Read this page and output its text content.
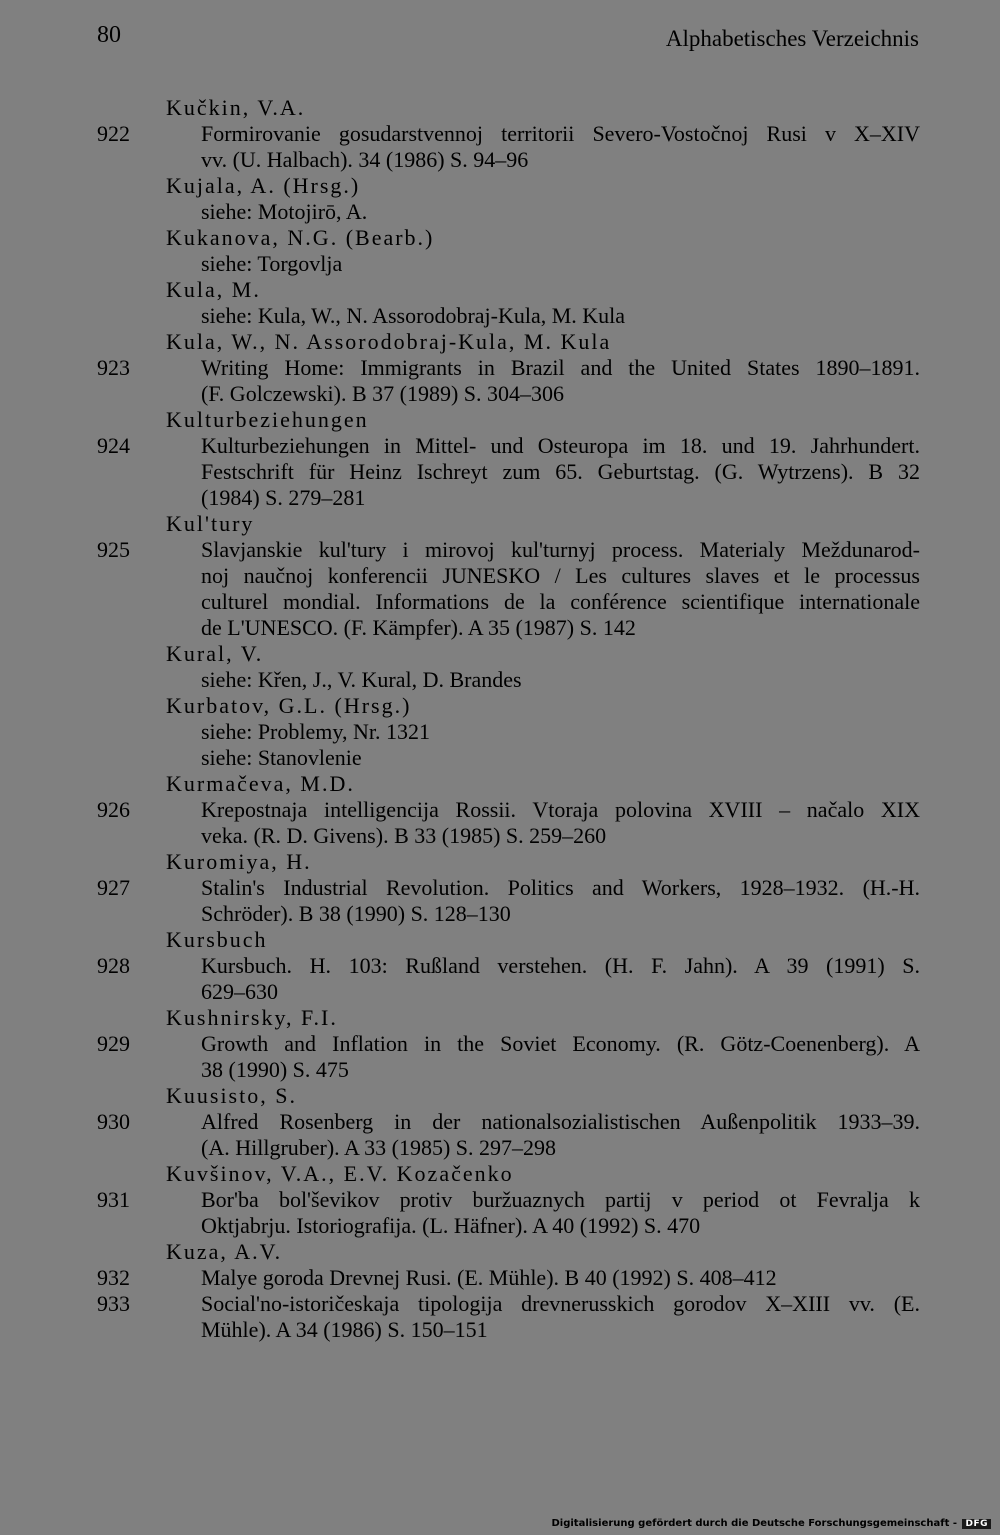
80	Alphabetisches Verzeichnis
Kučkin, V.A.
922	Formirovanie gosudarstvennoj territorii Severo-Vostočnoj Rusi v X–XIV
vv. (U. Halbach). 34 (1986) S. 94–96
Kujala, A. (Hrsg.)
siehe: Motojirō, A.
Kukanova, N.G. (Bearb.)
siehe: Torgovlja
Kula, M.
siehe: Kula, W., N. Assorodobraj-Kula, M. Kula
Kula, W., N. Assorodobraj-Kula, M. Kula
923	Writing Home: Immigrants in Brazil and the United States 1890–1891.
(F. Golczewski). B 37 (1989) S. 304–306
Kulturbeziehungen
924	Kulturbeziehungen in Mittel- und Osteuropa im 18. und 19. Jahrhundert.
Festschrift für Heinz Ischreyt zum 65. Geburtstag. (G. Wytrzens). B 32
(1984) S. 279–281
Kul'tury
925	Slavjanskie kul'tury i mirovoj kul'turnyj process. Materialy Meždunarod-
noj naučnoj konferencii JUNESKO / Les cultures slaves et le processus
culturel mondial. Informations de la conférence scientifique internationale
de L'UNESCO. (F. Kämpfer). A 35 (1987) S. 142
Kural, V.
siehe: Křen, J., V. Kural, D. Brandes
Kurbatov, G.L. (Hrsg.)
siehe: Problemy, Nr. 1321
siehe: Stanovlenie
Kurmačeva, M.D.
926	Krepostnaja intelligencija Rossii. Vtoraja polovina XVIII – načalo XIX
veka. (R. D. Givens). B 33 (1985) S. 259–260
Kuromiya, H.
927	Stalin's Industrial Revolution. Politics and Workers, 1928–1932. (H.-H.
Schröder). B 38 (1990) S. 128–130
Kursbuch
928	Kursbuch. H. 103: Rußland verstehen. (H. F. Jahn). A 39 (1991) S.
629–630
Kushnirsky, F.I.
929	Growth and Inflation in the Soviet Economy. (R. Götz-Coenenberg). A
38 (1990) S. 475
Kuusisto, S.
930	Alfred Rosenberg in der nationalsozialistischen Außenpolitik 1933–39.
(A. Hillgruber). A 33 (1985) S. 297–298
Kuvšinov, V.A., E.V. Kozačenko
931	Bor'ba bol'ševikov protiv buržuaznych partij v period ot Fevralja k
Oktjabrju. Istoriografija. (L. Häfner). A 40 (1992) S. 470
Kuza, A.V.
932	Malye goroda Drevnej Rusi. (E. Mühle). B 40 (1992) S. 408–412
933	Social'no-istoričeskaja tipologija drevnerusskich gorodov X–XIII vv. (E.
Mühle). A 34 (1986) S. 150–151
Digitalisierung gefördert durch die Deutsche Forschungsgemeinschaft - DFG
